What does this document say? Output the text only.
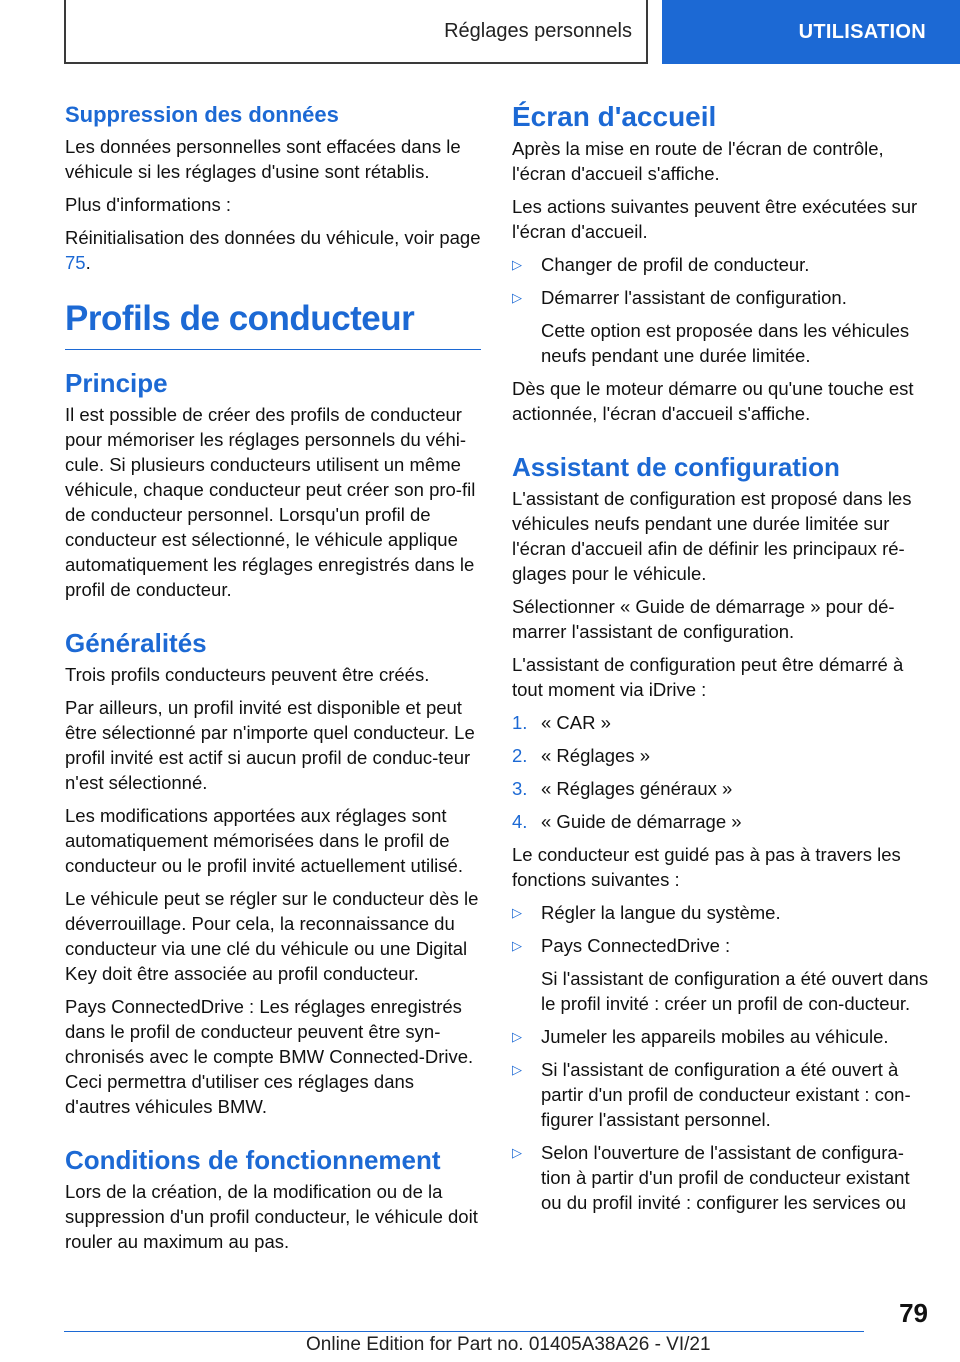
Réglages personnels	UTILISATION
Suppression des données

Les données personnelles sont effacées dans le véhicule si les réglages d'usine sont rétablis.

Plus d'informations :

Réinitialisation des données du véhicule, voir page 75.

Profils de conducteur
Principe

Il est possible de créer des profils de conducteur pour mémoriser les réglages personnels du véhi‐cule. Si plusieurs conducteurs utilisent un même véhicule, chaque conducteur peut créer son pro‐fil de conducteur personnel. Lorsqu'un profil de conducteur est sélectionné, le véhicule applique automatiquement les réglages enregistrés dans le profil de conducteur.

Généralités

Trois profils conducteurs peuvent être créés.

Par ailleurs, un profil invité est disponible et peut être sélectionné par n'importe quel conducteur. Le profil invité est actif si aucun profil de conduc‐teur n'est sélectionné.

Les modifications apportées aux réglages sont automatiquement mémorisées dans le profil de conducteur ou le profil invité actuellement utilisé.

Le véhicule peut se régler sur le conducteur dès le déverrouillage. Pour cela, la reconnaissance du conducteur via une clé du véhicule ou une Digital Key doit être associée au profil conducteur.

Pays ConnectedDrive : Les réglages enregistrés dans le profil de conducteur peuvent être syn‐chronisés avec le compte BMW Connected‐Drive. Ceci permettra d'utiliser ces réglages dans d'autres véhicules BMW.

Conditions de fonctionnement

Lors de la création, de la modification ou de la suppression d'un profil conducteur, le véhicule doit rouler au maximum au pas.

Écran d'accueil

Après la mise en route de l'écran de contrôle, l'écran d'accueil s'affiche.

Les actions suivantes peuvent être exécutées sur l'écran d'accueil.

▷	Changer de profil de conducteur.
▷	Démarrer l'assistant de configuration.

Cette option est proposée dans les véhicules neufs pendant une durée limitée.

Dès que le moteur démarre ou qu'une touche est actionnée, l'écran d'accueil s'affiche.

Assistant de configuration

L'assistant de configuration est proposé dans les véhicules neufs pendant une durée limitée sur l'écran d'accueil afin de définir les principaux ré‐glages pour le véhicule.

Sélectionner « Guide de démarrage » pour dé‐marrer l'assistant de configuration.

L'assistant de configuration peut être démarré à tout moment via iDrive :

1. « CAR »
2. « Réglages »
3. « Réglages généraux »
4. « Guide de démarrage »

Le conducteur est guidé pas à pas à travers les fonctions suivantes :

▷	Régler la langue du système.
▷	Pays ConnectedDrive :

Si l'assistant de configuration a été ouvert dans le profil invité : créer un profil de con‐ducteur.

▷	Jumeler les appareils mobiles au véhicule.
▷	Si l'assistant de configuration a été ouvert à partir d'un profil de conducteur existant : con‐figurer l'assistant personnel.
▷	Selon l'ouverture de l'assistant de configura‐tion à partir d'un profil de conducteur existant ou du profil invité : configurer les services ou
79
Online Edition for Part no. 01405A38A26 - VI/21
